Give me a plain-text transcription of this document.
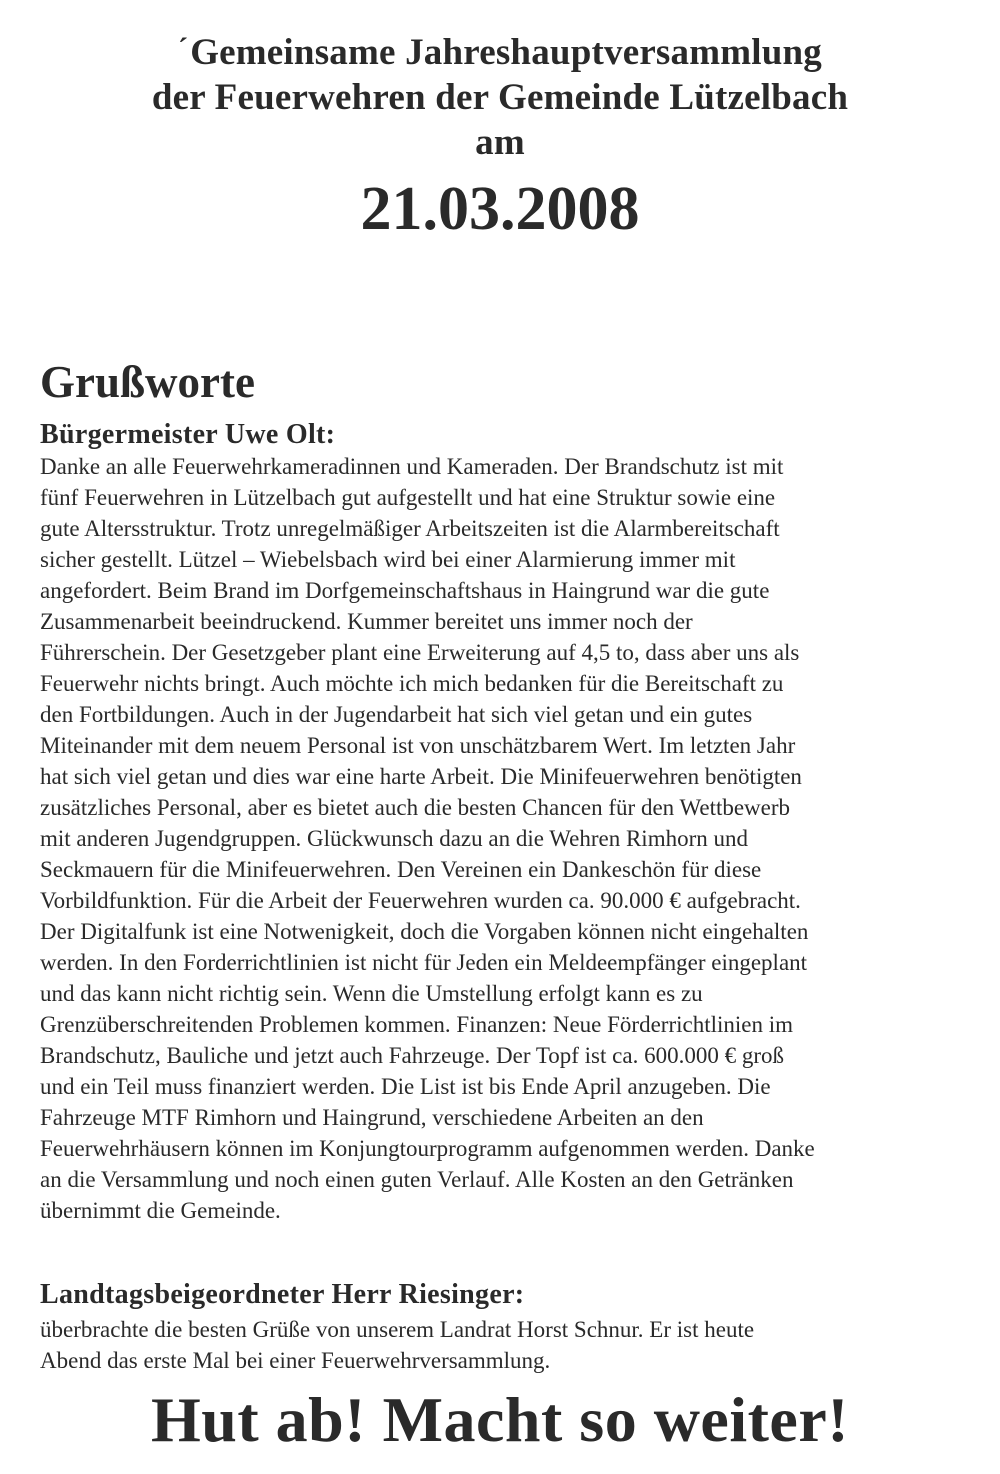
´Gemeinsame Jahreshauptversammlung
der Feuerwehren der Gemeinde Lützelbach
am
21.03.2008
Grußworte
Bürgermeister Uwe Olt:
Danke an alle Feuerwehrkameradinnen und Kameraden. Der Brandschutz ist mit
fünf Feuerwehren in Lützelbach gut aufgestellt und hat eine Struktur sowie eine
gute Altersstruktur. Trotz unregelmäßiger Arbeitszeiten ist die Alarmbereitschaft
sicher gestellt. Lützel – Wiebelsbach wird bei einer Alarmierung immer mit
angefordert. Beim Brand im Dorfgemeinschaftshaus in Haingrund war die gute
Zusammenarbeit beeindruckend. Kummer bereitet uns immer noch der
Führerschein. Der Gesetzgeber plant eine Erweiterung auf 4,5 to, dass aber uns als
Feuerwehr nichts bringt. Auch möchte ich mich bedanken für die Bereitschaft zu
den Fortbildungen. Auch in der Jugendarbeit hat sich viel getan und ein gutes
Miteinander mit dem neuem Personal ist von unschätzbarem Wert. Im letzten Jahr
hat sich viel getan und dies war eine harte Arbeit. Die Minifeuerwehren benötigten
zusätzliches Personal, aber es bietet auch die besten Chancen für den Wettbewerb
mit anderen Jugendgruppen. Glückwunsch dazu an die Wehren Rimhorn und
Seckmauern für die Minifeuerwehren. Den Vereinen ein Dankeschön für diese
Vorbildfunktion. Für die Arbeit der Feuerwehren wurden ca. 90.000 € aufgebracht.
Der Digitalfunk ist eine Notwenigkeit, doch die Vorgaben können nicht eingehalten
werden. In den Forderrichtlinien ist nicht für Jeden ein Meldeempfänger eingeplant
und das kann nicht richtig sein. Wenn die Umstellung erfolgt kann es zu
Grenzüberschreitenden Problemen kommen. Finanzen: Neue Förderrichtlinien im
Brandschutz, Bauliche und jetzt auch Fahrzeuge. Der Topf ist ca. 600.000 € groß
und ein Teil muss finanziert werden. Die List ist bis Ende April anzugeben. Die
Fahrzeuge MTF Rimhorn und Haingrund, verschiedene Arbeiten an den
Feuerwehrhäusern können im Konjungtourprogramm aufgenommen werden. Danke
an die Versammlung und noch einen guten Verlauf. Alle Kosten an den Getränken
übernimmt die Gemeinde.
Landtagsbeigeordneter Herr Riesinger:
überbrachte die besten Grüße von unserem Landrat Horst Schnur. Er ist heute
Abend das erste Mal bei einer Feuerwehrversammlung.
Hut ab! Macht so weiter!
